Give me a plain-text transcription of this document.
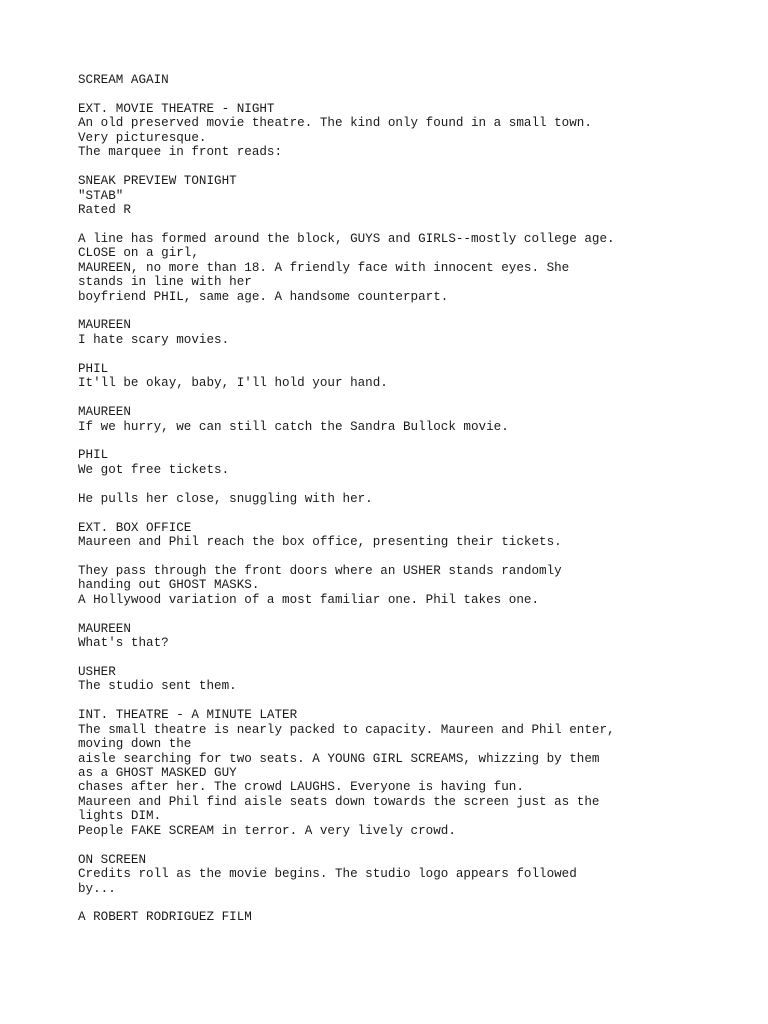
SCREAM AGAIN
EXT. MOVIE THEATRE - NIGHT
An old preserved movie theatre. The kind only found in a small town.
Very picturesque.
The marquee in front reads:
SNEAK PREVIEW TONIGHT
"STAB"
Rated R
A line has formed around the block, GUYS and GIRLS--mostly college age.
CLOSE on a girl,
MAUREEN, no more than 18. A friendly face with innocent eyes. She
stands in line with her
boyfriend PHIL, same age. A handsome counterpart.
MAUREEN
I hate scary movies.
PHIL
It'll be okay, baby, I'll hold your hand.
MAUREEN
If we hurry, we can still catch the Sandra Bullock movie.
PHIL
We got free tickets.
He pulls her close, snuggling with her.
EXT. BOX OFFICE
Maureen and Phil reach the box office, presenting their tickets.
They pass through the front doors where an USHER stands randomly
handing out GHOST MASKS.
A Hollywood variation of a most familiar one. Phil takes one.
MAUREEN
What's that?
USHER
The studio sent them.
INT. THEATRE - A MINUTE LATER
The small theatre is nearly packed to capacity. Maureen and Phil enter,
moving down the
aisle searching for two seats. A YOUNG GIRL SCREAMS, whizzing by them
as a GHOST MASKED GUY
chases after her. The crowd LAUGHS. Everyone is having fun.
Maureen and Phil find aisle seats down towards the screen just as the
lights DIM.
People FAKE SCREAM in terror. A very lively crowd.
ON SCREEN
Credits roll as the movie begins. The studio logo appears followed
by...
A ROBERT RODRIGUEZ FILM
